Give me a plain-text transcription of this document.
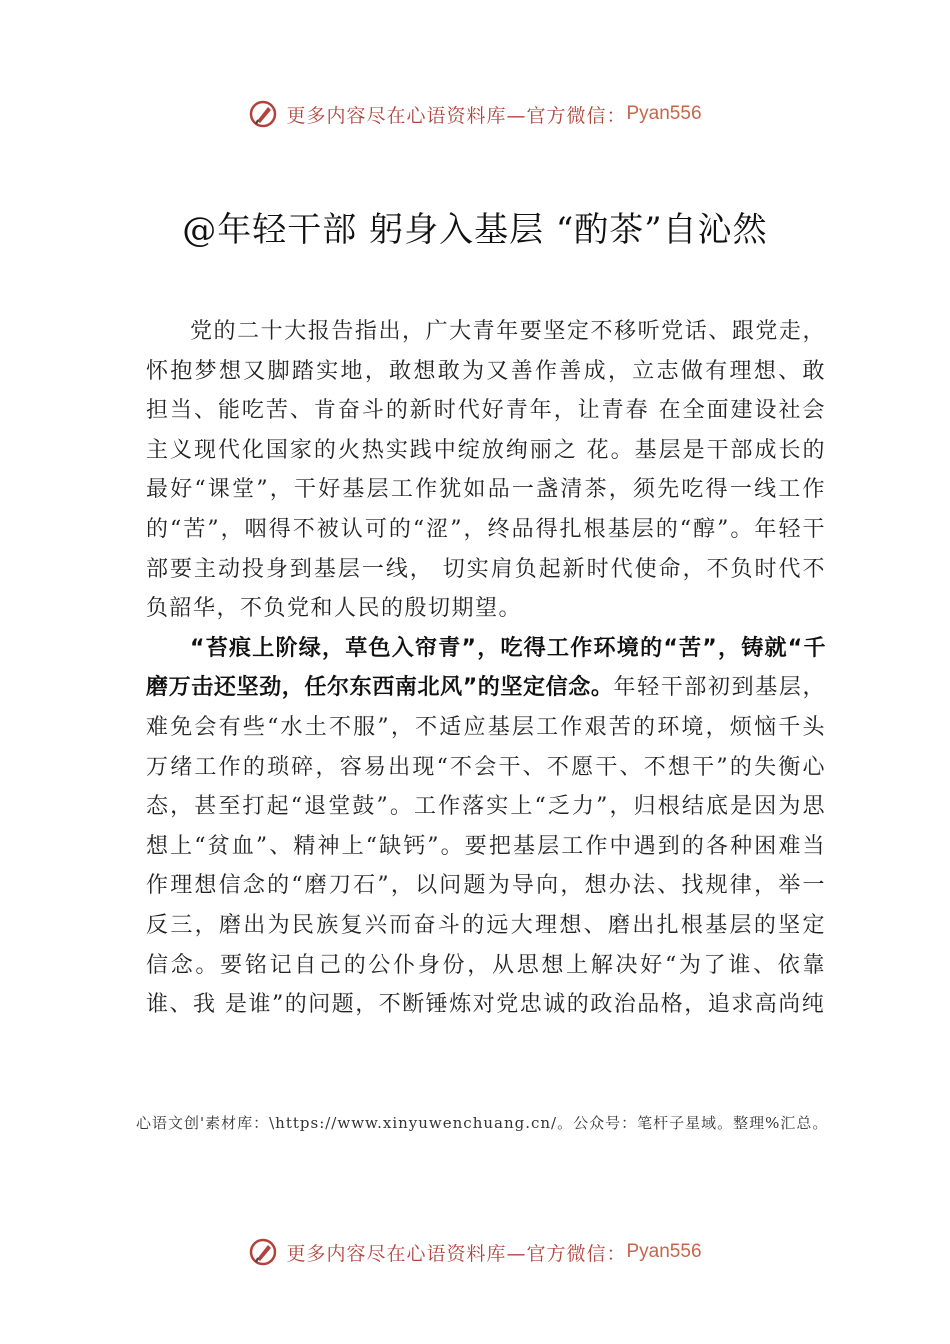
更多内容尽在心语资料库—官方微信： Pyan556
@年轻干部 躬身入基层 “酌茶”自沁然

党的二十大报告指出，广大青年要坚定不移听党话、跟党走，怀抱梦想又脚踏实地，敢想敢为又善作善成，立志做有理想、敢担当、能吃苦、肯奋斗的新时代好青年，让青春 在全面建设社会主义现代化国家的火热实践中绽放绚丽之 花。基层是干部成长的最好“课堂”，干好基层工作犹如品一盏清茶，须先吃得一线工作的“苦”，咽得不被认可的“涩”，终品得扎根基层的“醇”。年轻干部要主动投身到基层一线， 切实肩负起新时代使命，不负时代不负韶华，不负党和人民的殷切期望。

“苔痕上阶绿，草色入帘青”，吃得工作环境的“苦”，铸就“千磨万击还坚劲，任尔东西南北风”的坚定信念。年轻干部初到基层，难免会有些“水土不服”，不适应基层工作艰苦的环境，烦恼千头万绪工作的琐碎，容易出现“不会干、不愿干、不想干”的失衡心态，甚至打起“退堂鼓”。工作落实上“乏力”，归根结底是因为思想上“贫血”、精神上“缺钙”。要把基层工作中遇到的各种困难当作理想信念的“磨刀石”，以问题为导向，想办法、找规律，举一反三，磨出为民族复兴而奋斗的远大理想、磨出扎根基层的坚定信念。要铭记自己的公仆身份，从思想上解决好“为了谁、依靠谁、我 是谁”的问题，不断锤炼对党忠诚的政治品格，追求高尚纯

心语文创'素材库：\https://www.xinyuwenchuang.cn/。公众号：笔杆子星域。整理%汇总。
更多内容尽在心语资料库—官方微信： Pyan556
